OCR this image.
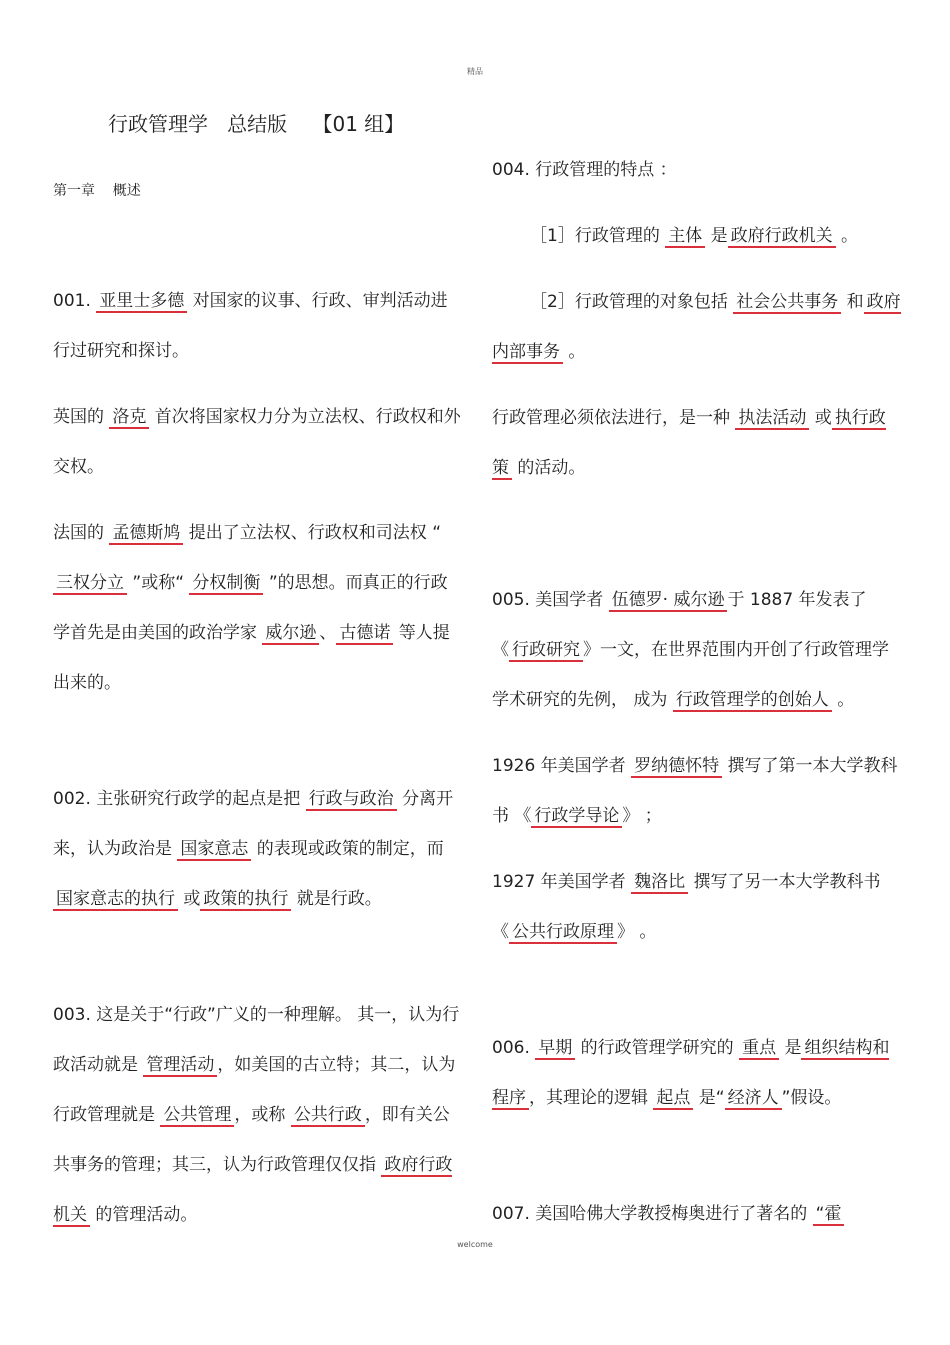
精品
行政管理学   总结版    【01 组】
第一章    概述

001. 亚里士多德 对国家的议事、行政、审判活动进行过研究和探讨。

英国的 洛克 首次将国家权力分为立法权、行政权和外交权。

法国的 孟德斯鸠 提出了立法权、行政权和司法权 “ 三权分立 ”或称“ 分权制衡 ”的思想。而真正的行政学首先是由美国的政治学家 威尔逊 、 古德诺 等人提出来的。

002. 主张研究行政学的起点是把 行政与政治 分离开来，认为政治是 国家意志 的表现或政策的制定，而 国家意志的执行 或 政策的执行 就是行政。

003. 这是关于“行政”广义的一种理解。 其一，认为行政活动就是 管理活动 ，如美国的古立特；其二，认为行政管理就是 公共管理 ，或称 公共行政 ，即有关公共事务的管理；其三，认为行政管理仅仅指 政府行政机关 的管理活动。

004. 行政管理的特点 ：

［1］行政管理的 主体 是 政府行政机关 。

［2］行政管理的对象包括 社会公共事务 和 政府内部事务 。

行政管理必须依法进行，是一种 执法活动 或 执行政策 的活动。

005. 美国学者 伍德罗· 威尔逊 于 1887 年发表了《 行政研究 》一文，在世界范围内开创了行政管理学学术研究的先例， 成为 行政管理学的创始人 。

1926 年美国学者 罗纳德怀特 撰写了第一本大学教科书 《 行政学导论 》 ；

1927 年美国学者 魏洛比 撰写了另一本大学教科书《 公共行政原理 》 。

006. 早期 的行政管理学研究的 重点 是 组织结构和程序 ，其理论的逻辑 起点 是“ 经济人 ”假设。

007. 美国哈佛大学教授梅奥进行了著名的 “霍

welcome
